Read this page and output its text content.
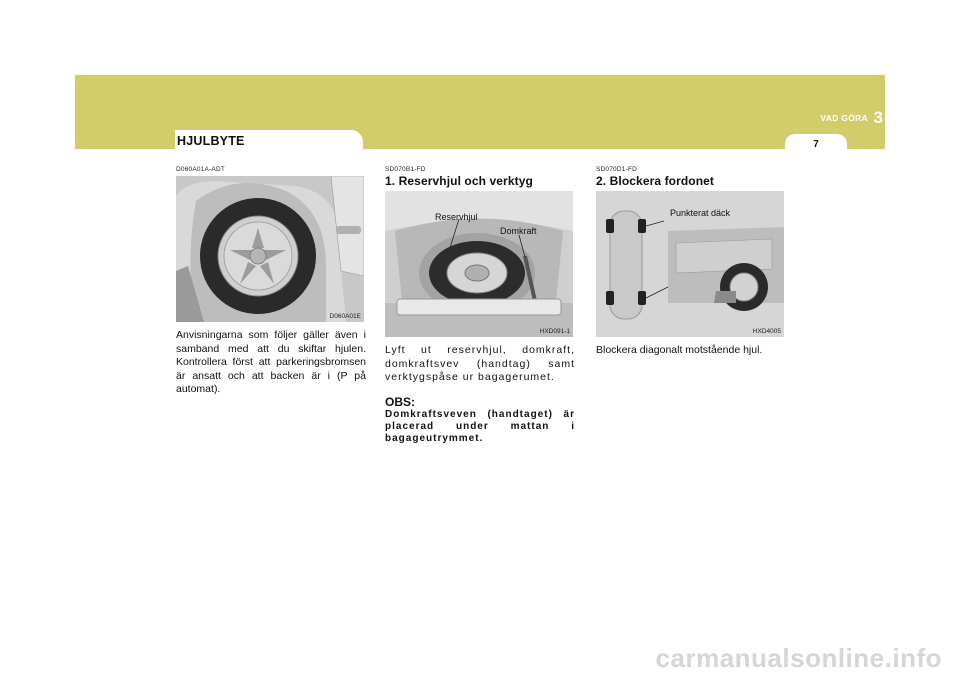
VAD GÖRA 3
7
HJULBYTE
D060A01A-ADT
D060A01E
Anvisningarna som följer gäller även i samband med att du skiftar hjulen. Kontrollera först att parkeringsbromsen är ansatt och att backen är i (P på automat).
SD070B1-FD
1. Reservhjul och verktyg
Reservhjul
Domkraft
HXD091-1
Lyft ut reservhjul, domkraft, domkraftsvev (handtag) samt verktygspåse ur bagagerumet.
OBS:
Domkraftsveven (handtaget) är placerad under mattan i bagageutrymmet.
SD070D1-FD
2. Blockera fordonet
Punkterat däck
HXD4005
Blockera diagonalt motstående hjul.
carmanualsonline.info
